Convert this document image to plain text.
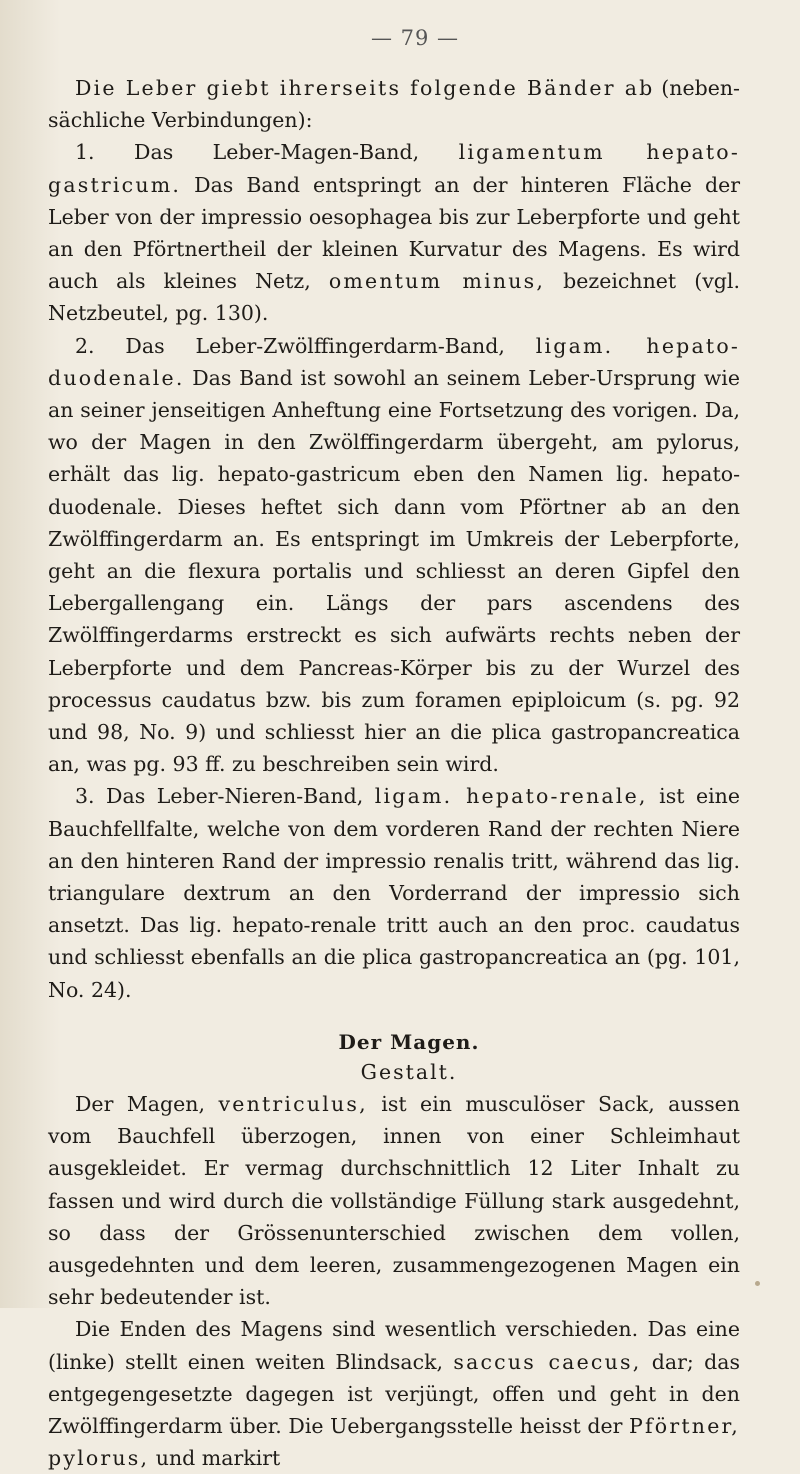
— 79 —

Die Leber giebt ihrerseits folgende Bänder ab (nebensächliche Verbindungen):

1. Das Leber-Magen-Band, ligamentum hepato-gastricum. Das Band entspringt an der hinteren Fläche der Leber von der impressio oesophagea bis zur Leberpforte und geht an den Pförtnertheil der kleinen Kurvatur des Magens. Es wird auch als kleines Netz, omentum minus, bezeichnet (vgl. Netzbeutel, pg. 130).

2. Das Leber-Zwölffingerdarm-Band, ligam. hepato-duodenale. Das Band ist sowohl an seinem Leber-Ursprung wie an seiner jenseitigen Anheftung eine Fortsetzung des vorigen. Da, wo der Magen in den Zwölffingerdarm übergeht, am pylorus, erhält das lig. hepato-gastricum eben den Namen lig. hepato-duodenale. Dieses heftet sich dann vom Pförtner ab an den Zwölffingerdarm an. Es entspringt im Umkreis der Leberpforte, geht an die flexura portalis und schliesst an deren Gipfel den Lebergallengang ein. Längs der pars ascendens des Zwölffingerdarms erstreckt es sich aufwärts rechts neben der Leberpforte und dem Pancreas-Körper bis zu der Wurzel des processus caudatus bzw. bis zum foramen epiploicum (s. pg. 92 und 98, No. 9) und schliesst hier an die plica gastropancreatica an, was pg. 93 ff. zu beschreiben sein wird.

3. Das Leber-Nieren-Band, ligam. hepato-renale, ist eine Bauchfellfalte, welche von dem vorderen Rand der rechten Niere an den hinteren Rand der impressio renalis tritt, während das lig. triangulare dextrum an den Vorderrand der impressio sich ansetzt. Das lig. hepato-renale tritt auch an den proc. caudatus und schliesst ebenfalls an die plica gastropancreatica an (pg. 101, No. 24).

Der Magen.
Gestalt.

Der Magen, ventriculus, ist ein musculöser Sack, aussen vom Bauchfell überzogen, innen von einer Schleimhaut ausgekleidet. Er vermag durchschnittlich 12 Liter Inhalt zu fassen und wird durch die vollständige Füllung stark ausgedehnt, so dass der Grössenunterschied zwischen dem vollen, ausgedehnten und dem leeren, zusammengezogenen Magen ein sehr bedeutender ist.

Die Enden des Magens sind wesentlich verschieden. Das eine (linke) stellt einen weiten Blindsack, saccus caecus, dar; das entgegengesetzte dagegen ist verjüngt, offen und geht in den Zwölffingerdarm über. Die Uebergangsstelle heisst der Pförtner, pylorus, und markirt
